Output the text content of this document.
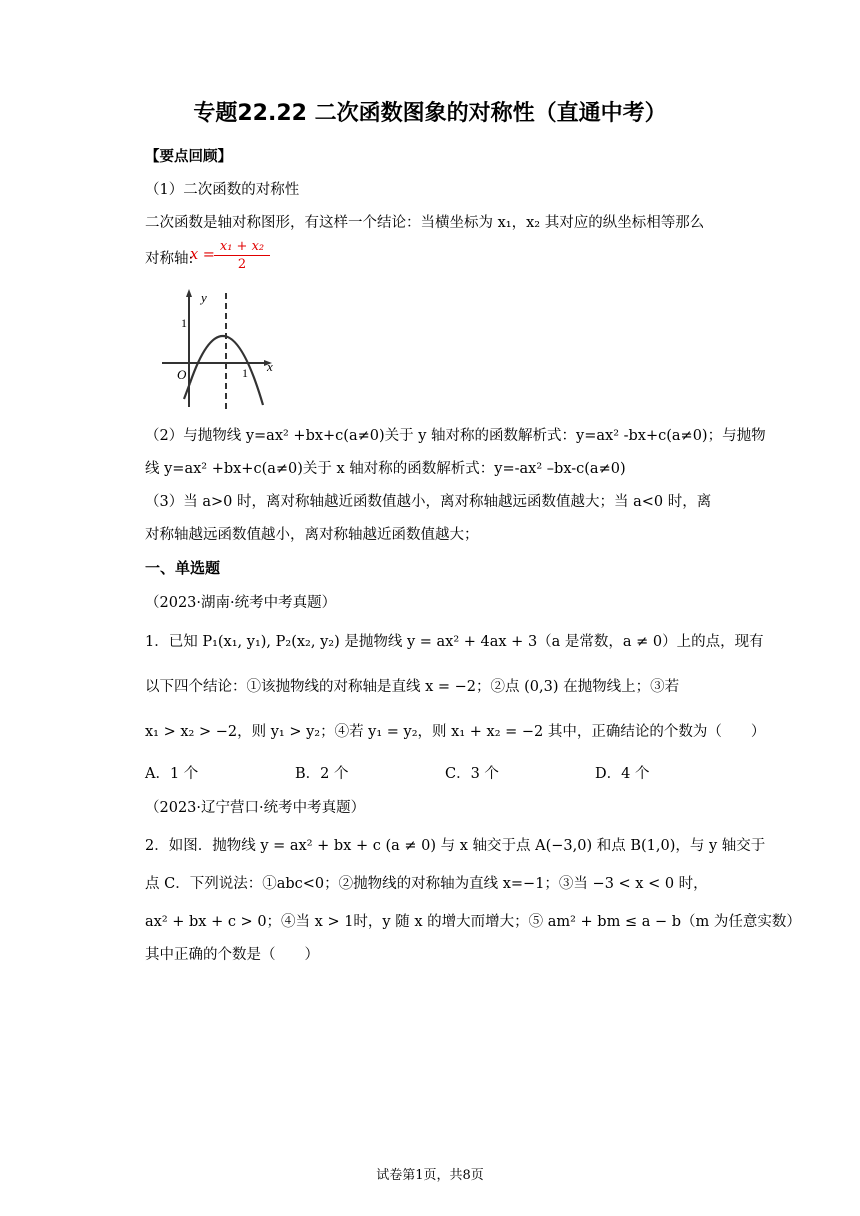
专题22.22 二次函数图象的对称性（直通中考）
【要点回顾】
（1）二次函数的对称性
二次函数是轴对称图形，有这样一个结论：当横坐标为 x₁，x₂ 其对应的纵坐标相等那么
对称轴:
$x = \frac{\text{x₁ + x₂}}{2}$
y
x
1
1
O
（2）与抛物线 y=ax² +bx+c(a≠0)关于 y 轴对称的函数解析式：y=ax² -bx+c(a≠0)；与抛物
线 y=ax² +bx+c(a≠0)关于 x 轴对称的函数解析式：y=-ax² –bx-c(a≠0)
（3）当 a>0 时，离对称轴越近函数值越小，离对称轴越远函数值越大；当 a<0 时，离
对称轴越远函数值越小，离对称轴越近函数值越大；
一、单选题
（2023·湖南·统考中考真题）
1．已知 P₁(x₁, y₁), P₂(x₂, y₂) 是抛物线 y = ax² + 4ax + 3（a 是常数，a ≠ 0）上的点，现有
以下四个结论：①该抛物线的对称轴是直线 x = −2；②点 (0,3) 在抛物线上；③若
x₁ > x₂ > −2，则 y₁ > y₂；④若 y₁ = y₂，则 x₁ + x₂ = −2 其中，正确结论的个数为（　　）
A．1 个	B．2 个	C．3 个	D．4 个
（2023·辽宁营口·统考中考真题）
2．如图．抛物线 y = ax² + bx + c (a ≠ 0) 与 x 轴交于点 A(−3,0) 和点 B(1,0)，与 y 轴交于
点 C．下列说法：①abc<0；②抛物线的对称轴为直线 x=−1；③当 −3 < x < 0 时，
ax² + bx + c > 0；④当 x > 1时，y 随 x 的增大而增大；⑤ am² + bm ≤ a − b（m 为任意实数）
其中正确的个数是（　　）
试卷第1页，共8页
